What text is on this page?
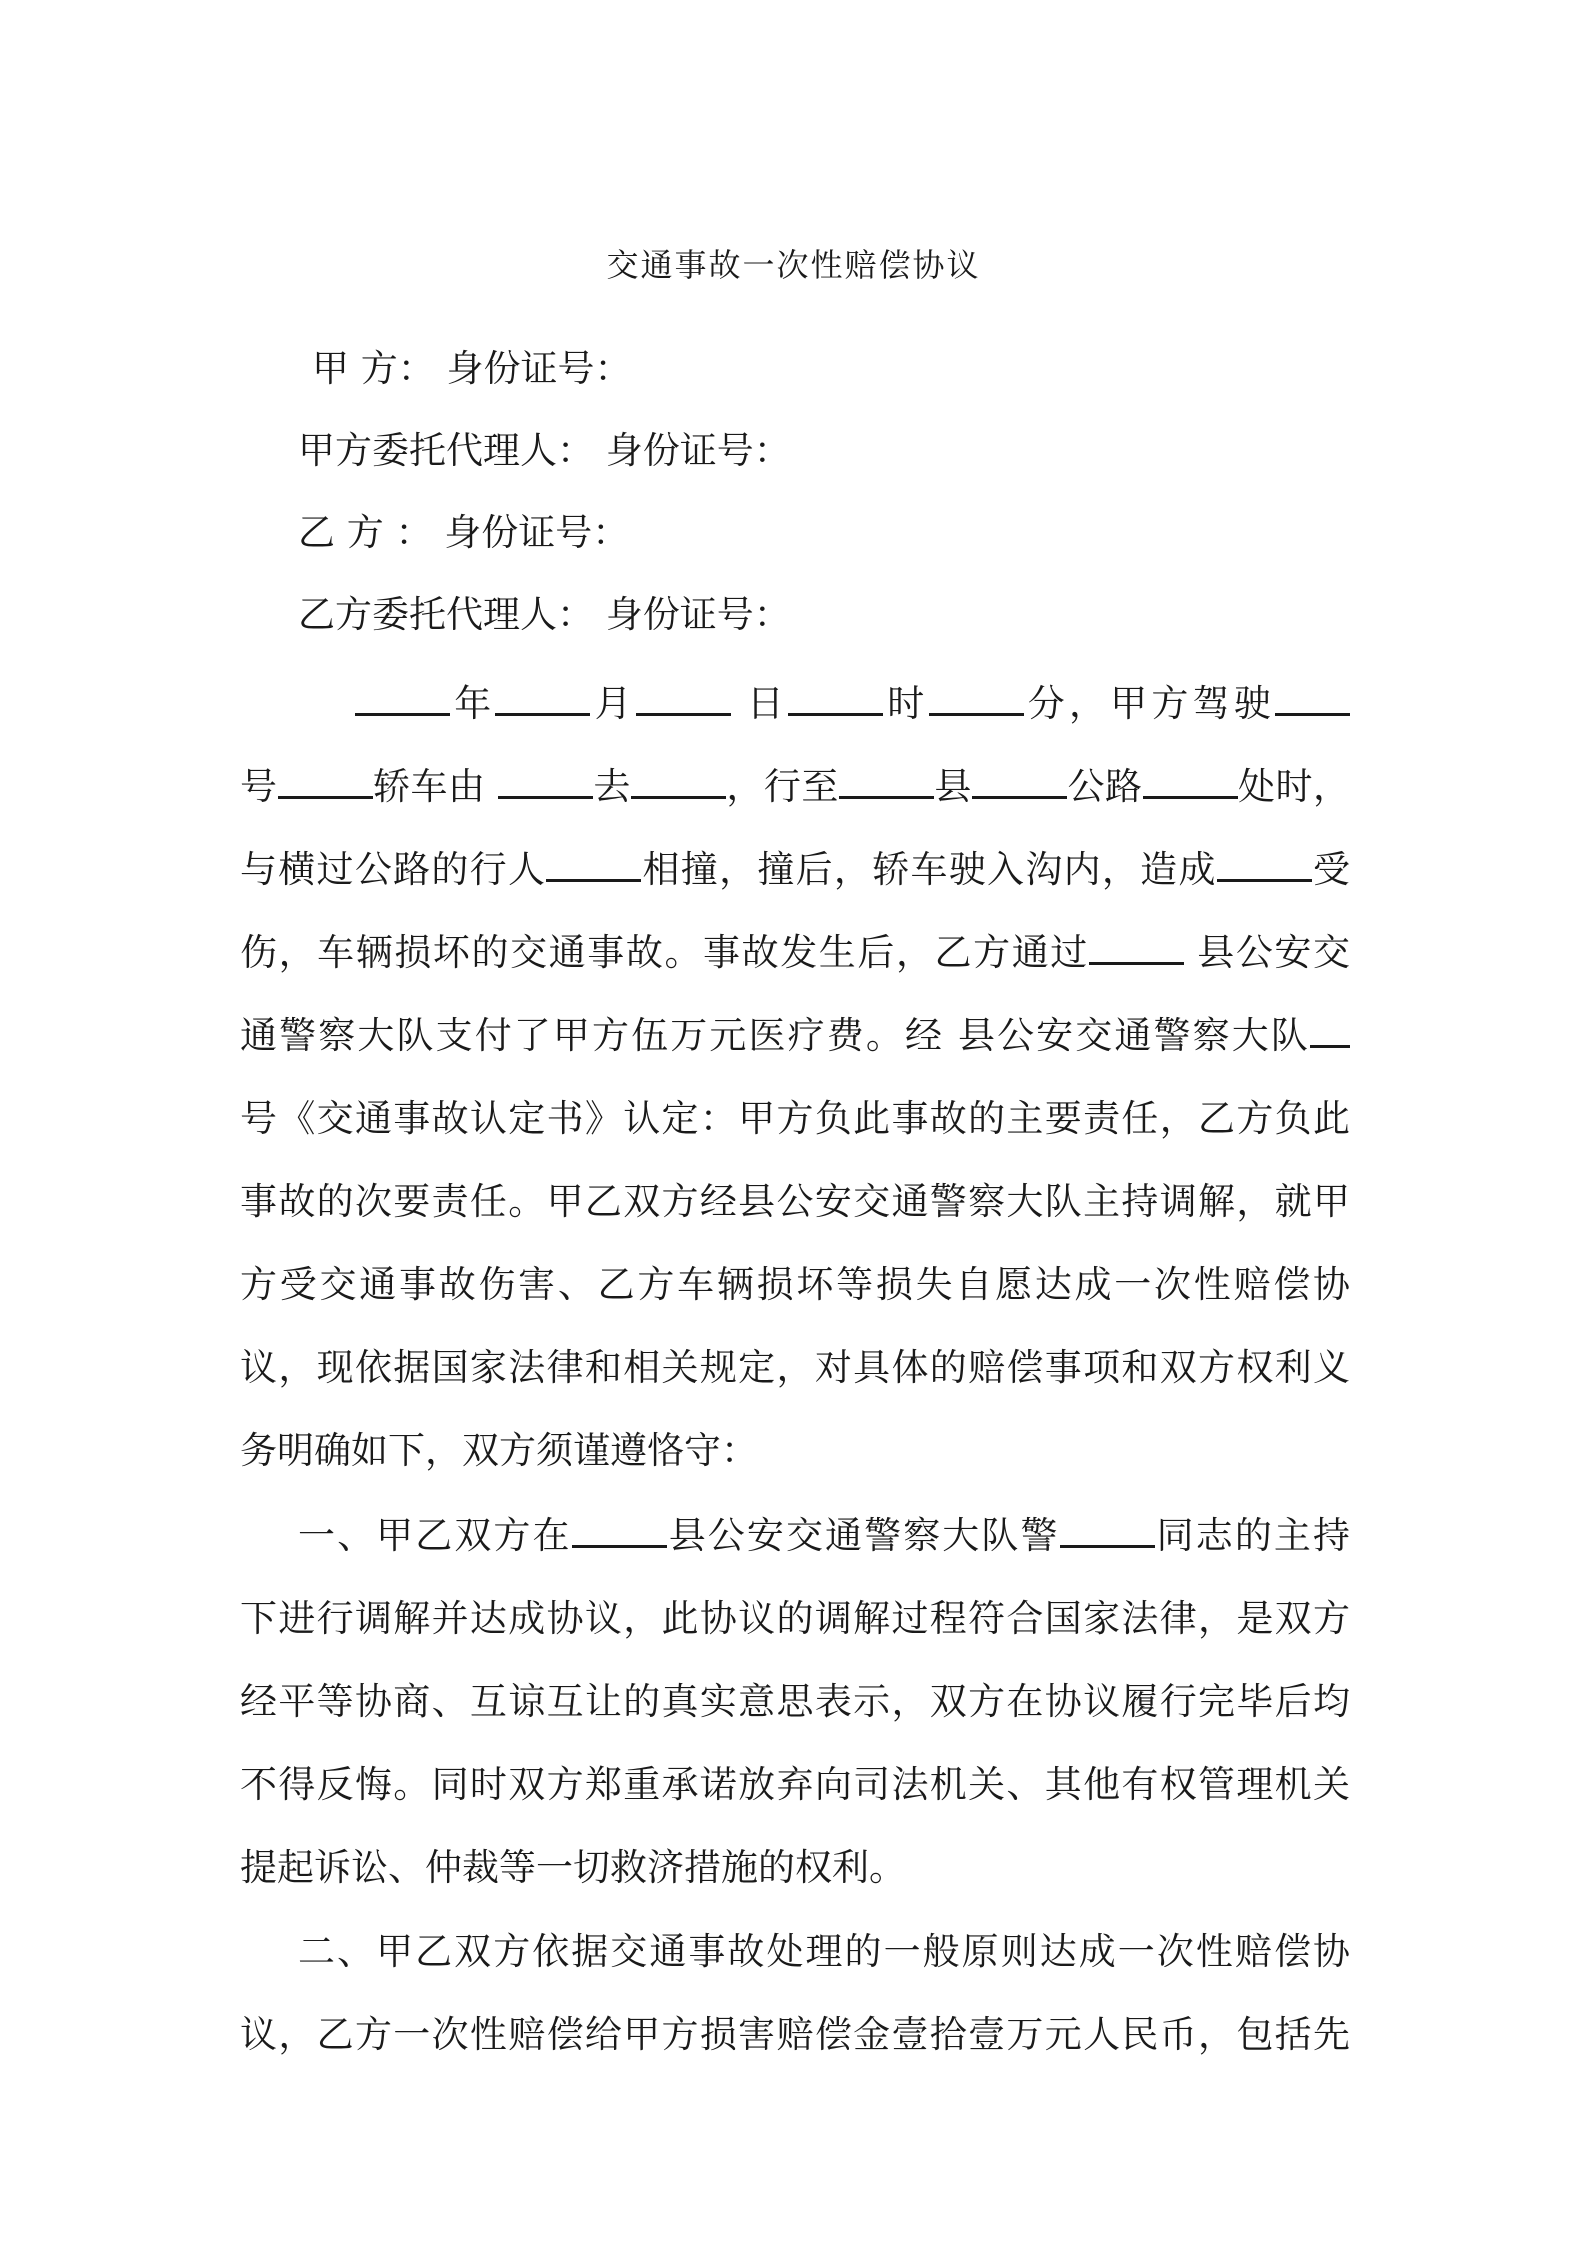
交通事故一次性赔偿协议
甲 方： 身份证号：
甲方委托代理人： 身份证号：
乙 方 ： 身份证号：
乙方委托代理人： 身份证号：
年	月	日	时	分，甲方驾驶
号	轿车由	去	，行至	县	公路	处时，
与横过公路的行人	相撞，撞后，轿车驶入沟内，造成	受
伤，车辆损坏的交通事故。事故发生后，乙方通过	县公安交
通警察大队支付了甲方伍万元医疗费。经 县公安交通警察大队
号《交通事故认定书》认定：甲方负此事故的主要责任，乙方负此
事故的次要责任。甲乙双方经县公安交通警察大队主持调解，就甲
方受交通事故伤害、乙方车辆损坏等损失自愿达成一次性赔偿协
议，现依据国家法律和相关规定，对具体的赔偿事项和双方权利义
务明确如下，双方须谨遵恪守：
一、甲乙双方在	县公安交通警察大队警	同志的主持
下进行调解并达成协议，此协议的调解过程符合国家法律，是双方
经平等协商、互谅互让的真实意思表示，双方在协议履行完毕后均
不得反悔。同时双方郑重承诺放弃向司法机关、其他有权管理机关
提起诉讼、仲裁等一切救济措施的权利。
二、甲乙双方依据交通事故处理的一般原则达成一次性赔偿协
议，乙方一次性赔偿给甲方损害赔偿金壹拾壹万元人民币，包括先
